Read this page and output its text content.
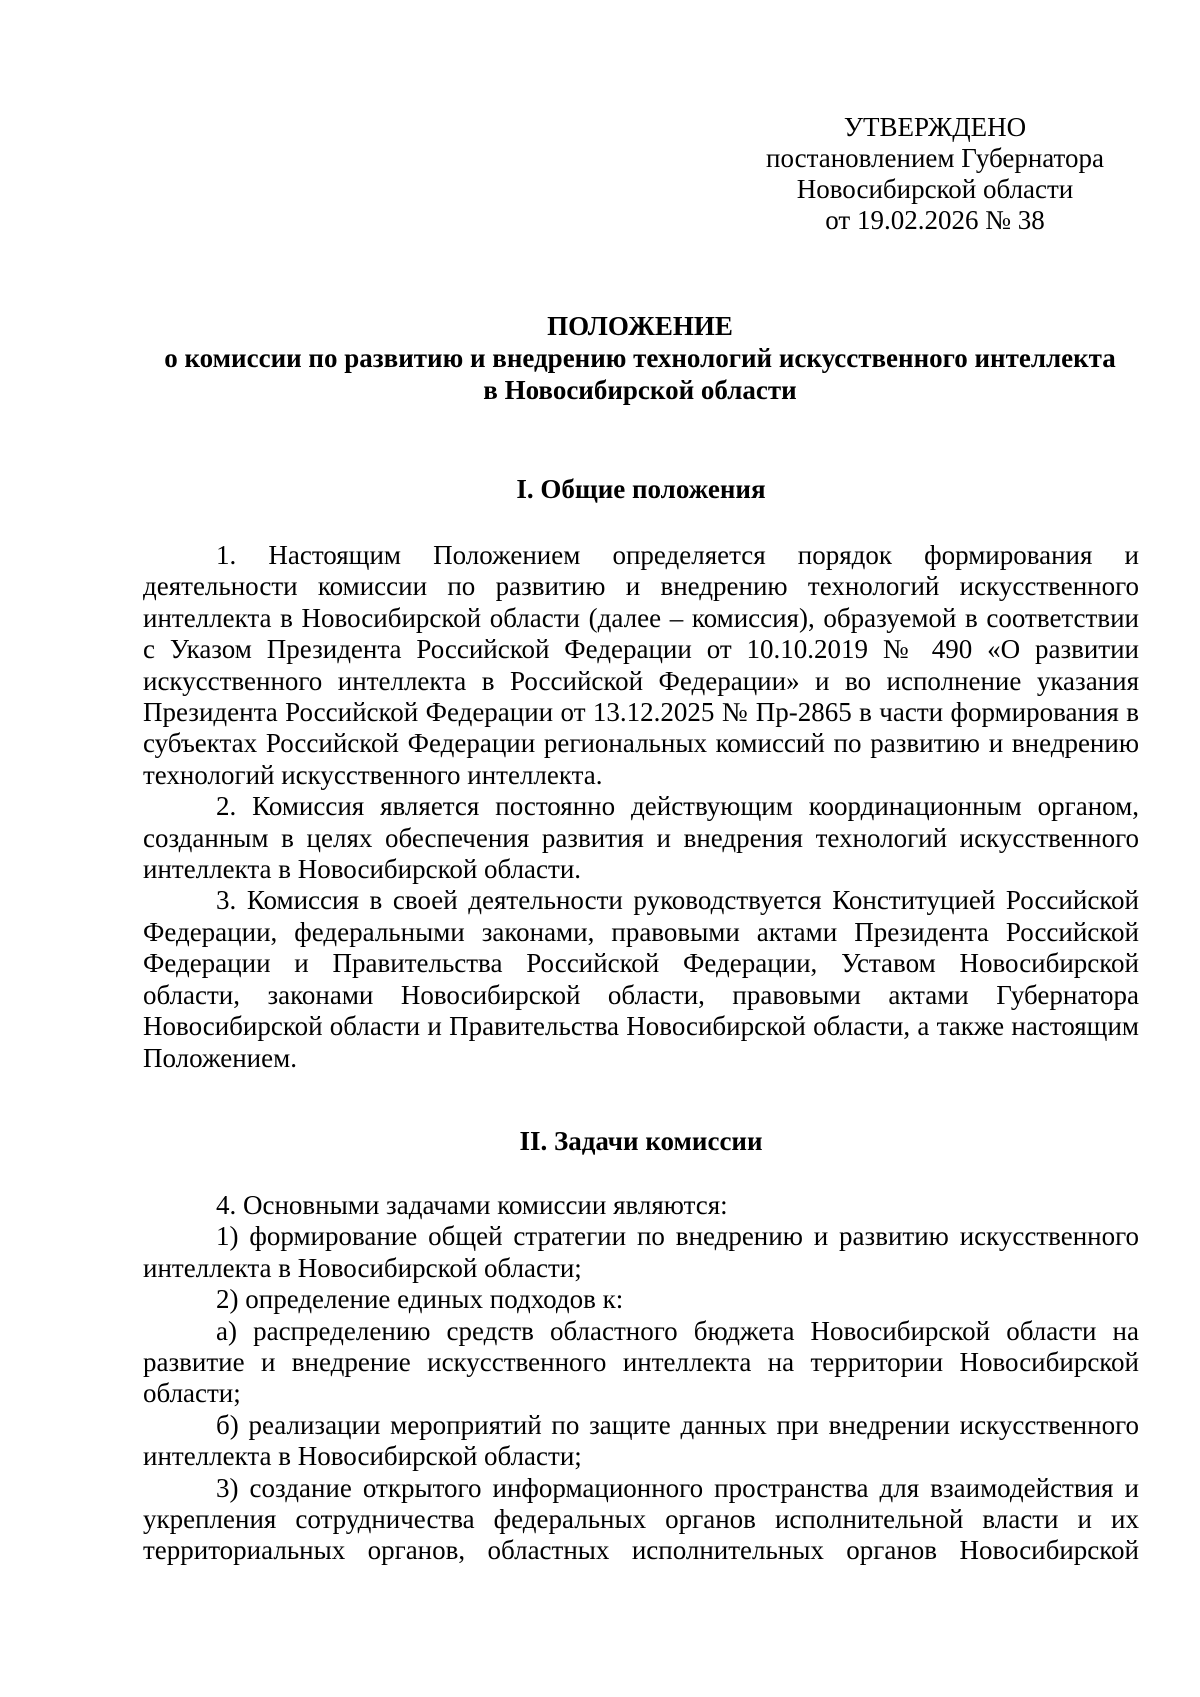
УТВЕРЖДЕНО
постановлением Губернатора
Новосибирской области
от 19.02.2026 № 38
ПОЛОЖЕНИЕ
о комиссии по развитию и внедрению технологий искусственного интеллекта
в Новосибирской области
I. Общие положения

1. Настоящим Положением определяется порядок формирования и деятельности комиссии по развитию и внедрению технологий искусственного интеллекта в Новосибирской области (далее – комиссия), образуемой в соответствии с Указом Президента Российской Федерации от 10.10.2019 № 490 «О развитии искусственного интеллекта в Российской Федерации» и во исполнение указания Президента Российской Федерации от 13.12.2025 № Пр-2865 в части формирования в субъектах Российской Федерации региональных комиссий по развитию и внедрению технологий искусственного интеллекта.

2. Комиссия является постоянно действующим координационным органом, созданным в целях обеспечения развития и внедрения технологий искусственного интеллекта в Новосибирской области.

3. Комиссия в своей деятельности руководствуется Конституцией Российской Федерации, федеральными законами, правовыми актами Президента Российской Федерации и Правительства Российской Федерации, Уставом Новосибирской области, законами Новосибирской области, правовыми актами Губернатора Новосибирской области и Правительства Новосибирской области, а также настоящим Положением.

II. Задачи комиссии

4. Основными задачами комиссии являются:

1) формирование общей стратегии по внедрению и развитию искусственного интеллекта в Новосибирской области;

2) определение единых подходов к:

а) распределению средств областного бюджета Новосибирской области на развитие и внедрение искусственного интеллекта на территории Новосибирской области;

б) реализации мероприятий по защите данных при внедрении искусственного интеллекта в Новосибирской области;

3) создание открытого информационного пространства для взаимодействия и укрепления сотрудничества федеральных органов исполнительной власти и их территориальных органов, областных исполнительных органов Новосибирской
